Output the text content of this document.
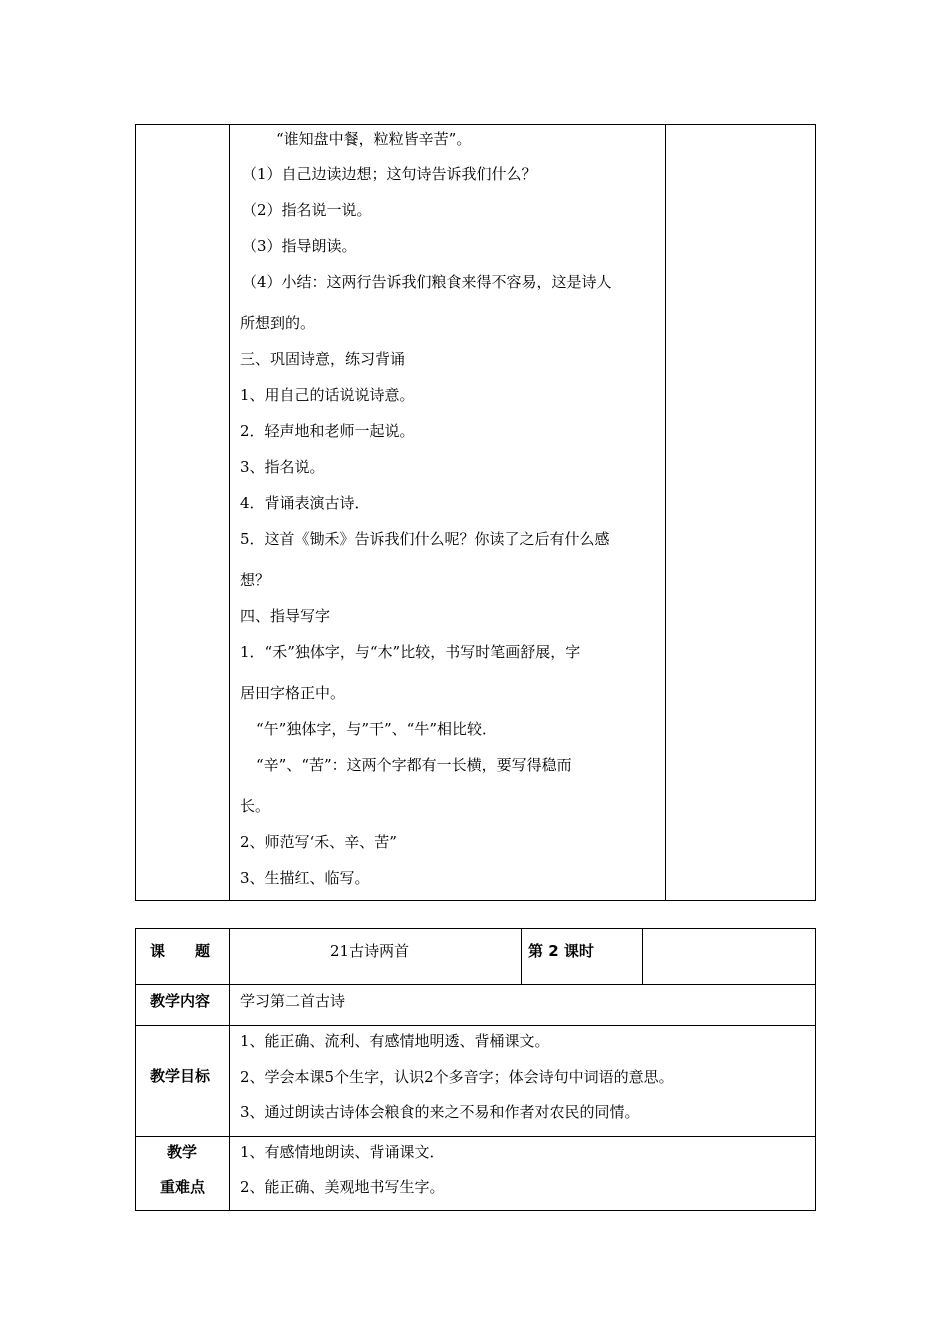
“谁知盘中餐，粒粒皆辛苦”。
（1）自己边读边想；这句诗告诉我们什么？
（2）指名说一说。
（3）指导朗读。
（4）小结：这两行告诉我们粮食来得不容易，这是诗人
所想到的。
三、巩固诗意，练习背诵
1、用自己的话说说诗意。
2．轻声地和老师一起说。
3、指名说。
4．背诵表演古诗．
5．这首《锄禾》告诉我们什么呢？你读了之后有什么感
想？
四、指导写字
1．“禾”独体字，与“木”比较，书写时笔画舒展，字
居田字格正中。
“午”独体字，与”干”、“牛”相比较．
“辛”、“苦”：这两个字都有一长横，要写得稳而
长。
2、师范写‘禾、辛、苦”
3、生描红、临写。
课　　题	21古诗两首	第 2 课时
教学内容 学习第二首古诗
教学目标
1、能正确、流利、有感情地明透、背桶课文。
2、学会本课5个生字，认识2个多音字；体会诗句中词语的意思。
3、通过朗读古诗体会粮食的来之不易和作者对农民的同情。
教学
重难点
1、有感情地朗读、背诵课文．
2、能正确、美观地书写生字。
